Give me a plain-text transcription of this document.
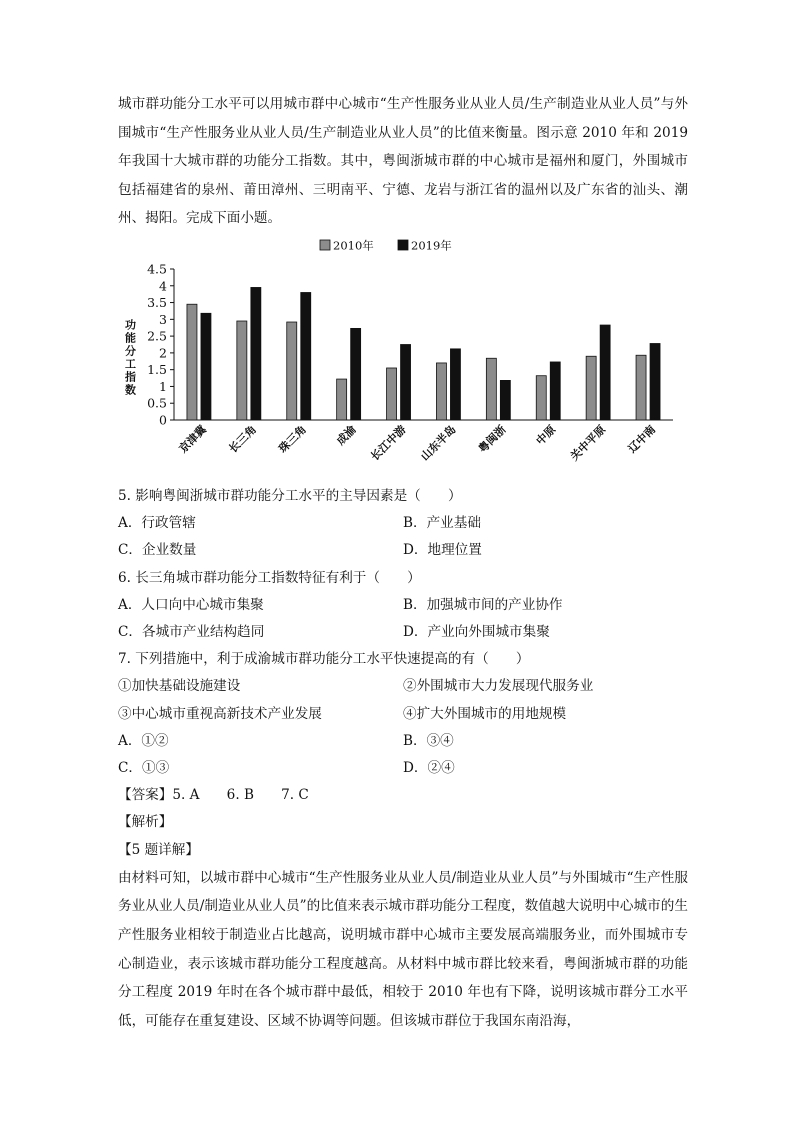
城市群功能分工水平可以用城市群中心城市“生产性服务业从业人员/生产制造业从业人员”与外围城市“生产性服务业从业人员/生产制造业从业人员”的比值来衡量。图示意 2010 年和 2019 年我国十大城市群的功能分工指数。其中，粤闽浙城市群的中心城市是福州和厦门，外围城市包括福建省的泉州、莆田漳州、三明南平、宁德、龙岩与浙江省的温州以及广东省的汕头、潮州、揭阳。完成下面小题。

0
0.5
1
1.5
2
2.5
3
3.5
4
4.5
功能分工指数
京津冀 长三角 珠三角 成渝 长江中游 山东半岛 粤闽浙 中原 关中平原 辽中南
2010年	2019年

5. 影响粤闽浙城市群功能分工水平的主导因素是（　　）

A．行政管辖	B．产业基础
C．企业数量	D．地理位置

6. 长三角城市群功能分工指数特征有利于（　　）

A．人口向中心城市集聚	B．加强城市间的产业协作
C．各城市产业结构趋同	D．产业向外围城市集聚

7. 下列措施中，利于成渝城市群功能分工水平快速提高的有（　　）

①加快基础设施建设	②外围城市大力发展现代服务业
③中心城市重视高新技术产业发展	④扩大外围城市的用地规模
A．①②	B．③④
C．①③	D．②④

【答案】5. A　　6. B　　7. C

【解析】

【5 题详解】

由材料可知，以城市群中心城市“生产性服务业从业人员/制造业从业人员”与外围城市“生产性服务业从业人员/制造业从业人员”的比值来表示城市群功能分工程度，数值越大说明中心城市的生产性服务业相较于制造业占比越高，说明城市群中心城市主要发展高端服务业，而外围城市专心制造业，表示该城市群功能分工程度越高。从材料中城市群比较来看，粤闽浙城市群的功能分工程度 2019 年时在各个城市群中最低，相较于 2010 年也有下降，说明该城市群分工水平低，可能存在重复建设、区域不协调等问题。但该城市群位于我国东南沿海，
